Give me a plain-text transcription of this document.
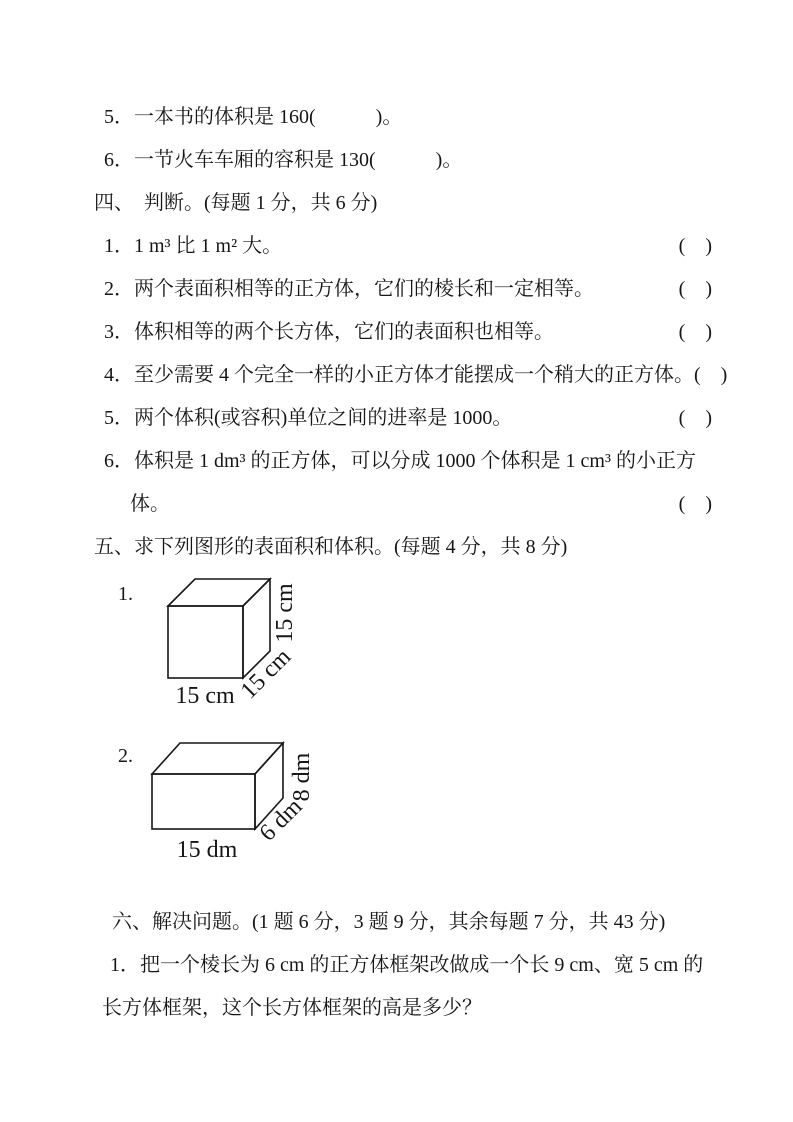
5．一本书的体积是 160(　　　)。
6．一节火车车厢的容积是 130(　　　)。
四、　判断。(每题 1 分，共 6 分)
1．1 m³ 比 1 m² 大。	(　)
2．两个表面积相等的正方体，它们的棱长和一定相等。	(　)
3．体积相等的两个长方体，它们的表面积也相等。	(　)
4．至少需要 4 个完全一样的小正方体才能摆成一个稍大的正方体。 (　)
5．两个体积(或容积)单位之间的进率是 1000。	(　)
6．体积是 1 dm³ 的正方体，可以分成 1000 个体积是 1 cm³ 的小正方
体。	(　)
五、求下列图形的表面积和体积。(每题 4 分，共 8 分)
1.
15 cm 15 cm
15 cm
2.
15 dm
6 dm
8 dm
六、解决问题。(1 题 6 分，3 题 9 分，其余每题 7 分，共 43 分)
1．把一个棱长为 6 cm 的正方体框架改做成一个长 9 cm、宽 5 cm 的
长方体框架，这个长方体框架的高是多少？
